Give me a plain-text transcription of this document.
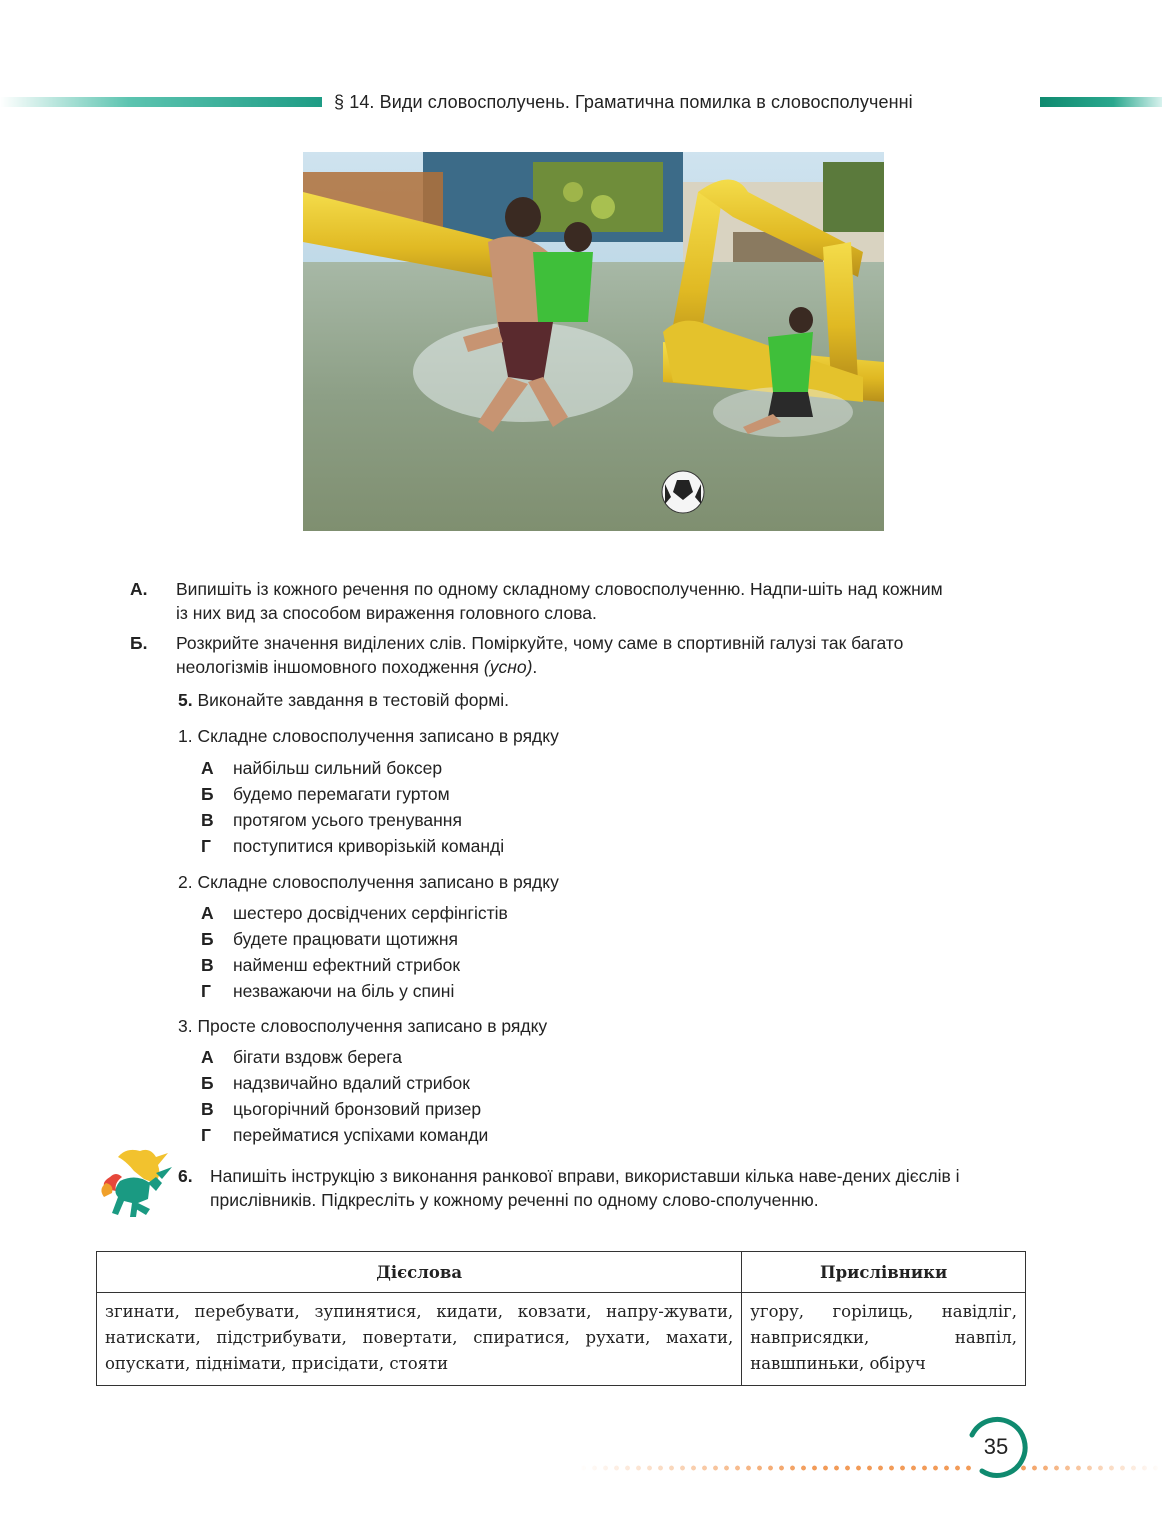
§ 14. Види словосполучень. Граматична помилка в словосполученні
А. Випишіть із кожного речення по одному складному словосполученню. Надпи-шіть над кожним із них вид за способом вираження головного слова.
Б. Розкрийте значення виділених слів. Поміркуйте, чому саме в спортивній галузі так багато неологізмів іншомовного походження (усно).
5. Виконайте завдання в тестовій формі.
1. Складне словосполучення записано в рядку
А найбільш сильний боксер
Б будемо перемагати гуртом
В протягом усього тренування
Г поступитися криворізькій команді
2. Складне словосполучення записано в рядку
А шестеро досвідчених серфінгістів
Б будете працювати щотижня
В найменш ефектний стрибок
Г незважаючи на біль у спині
3. Просте словосполучення записано в рядку
А бігати вздовж берега
Б надзвичайно вдалий стрибок
В цьогорічний бронзовий призер
Г перейматися успіхами команди
6. Напишіть інструкцію з виконання ранкової вправи, використавши кілька наве-дених дієслів і прислівників. Підкресліть у кожному реченні по одному слово-сполученню.
Дієслова	Прислівники
згинати, перебувати, зупинятися, кидати, ковзати, напру-жувати, натискати, підстрибувати, повертати, спиратися, рухати, махати, опускати, піднімати, присідати, стояти	угору, горілиць, навідліг, навприсядки, навпіл, навшпиньки, обіруч
35
